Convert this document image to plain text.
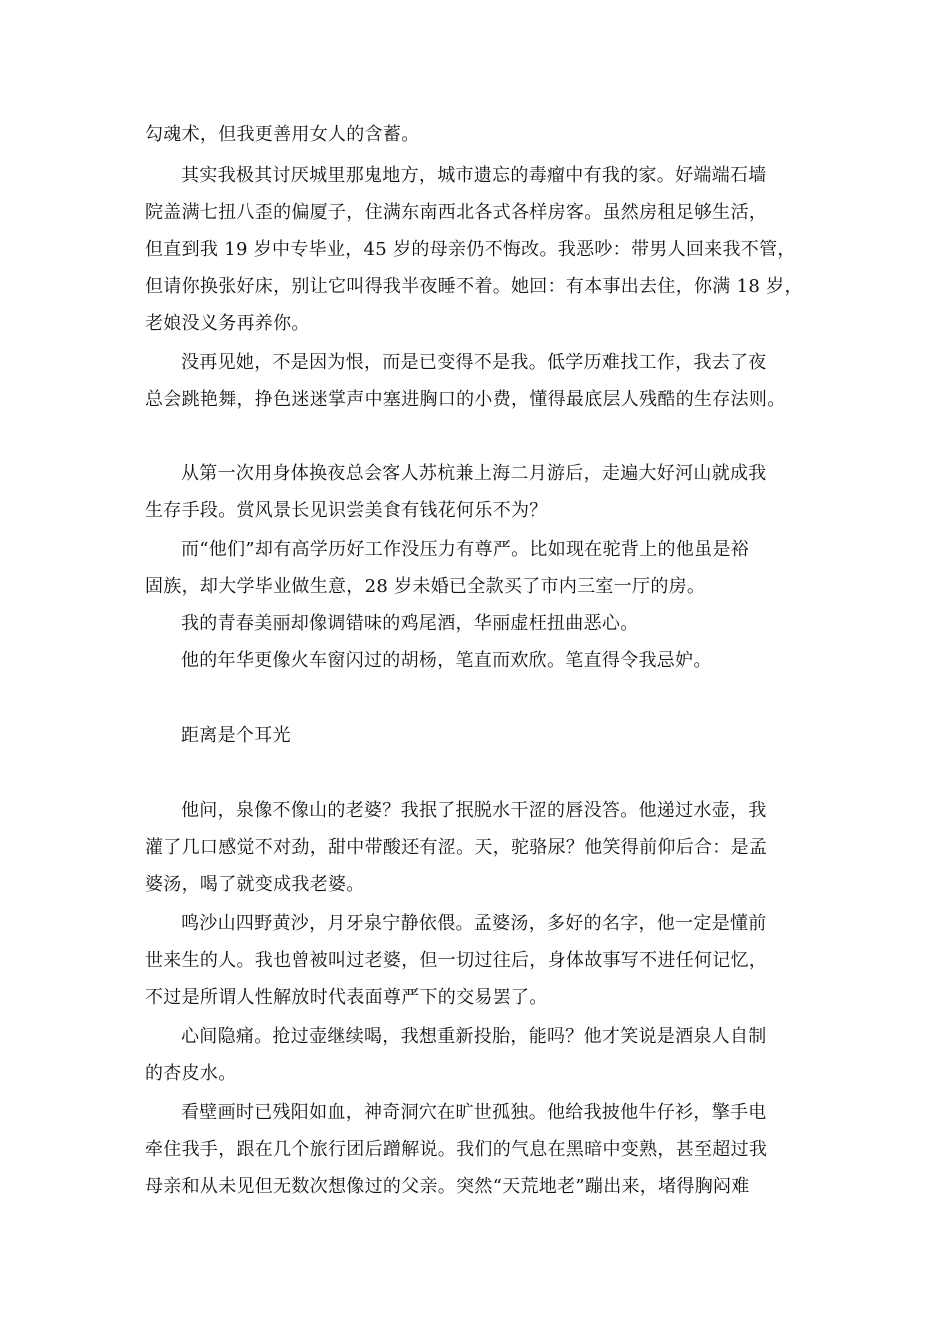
勾魂术，但我更善用女人的含蓄。
其实我极其讨厌城里那鬼地方，城市遗忘的毒瘤中有我的家。好端端石墙
院盖满七扭八歪的偏厦子，住满东南西北各式各样房客。虽然房租足够生活，
但直到我 19 岁中专毕业，45 岁的母亲仍不悔改。我恶吵：带男人回来我不管，
但请你换张好床，别让它叫得我半夜睡不着。她回：有本事出去住，你满 18 岁，
老娘没义务再养你。
没再见她，不是因为恨，而是已变得不是我。低学历难找工作，我去了夜
总会跳艳舞，挣色迷迷掌声中塞进胸口的小费，懂得最底层人残酷的生存法则。
从第一次用身体换夜总会客人苏杭兼上海二月游后，走遍大好河山就成我
生存手段。赏风景长见识尝美食有钱花何乐不为？
而“他们”却有高学历好工作没压力有尊严。比如现在驼背上的他虽是裕
固族，却大学毕业做生意，28 岁未婚已全款买了市内三室一厅的房。
我的青春美丽却像调错味的鸡尾酒，华丽虚枉扭曲恶心。
他的年华更像火车窗闪过的胡杨，笔直而欢欣。笔直得令我忌妒。
距离是个耳光
他问，泉像不像山的老婆？我抿了抿脱水干涩的唇没答。他递过水壶，我
灌了几口感觉不对劲，甜中带酸还有涩。天，驼骆尿？他笑得前仰后合：是孟
婆汤，喝了就变成我老婆。
鸣沙山四野黄沙，月牙泉宁静依偎。孟婆汤，多好的名字，他一定是懂前
世来生的人。我也曾被叫过老婆，但一切过往后，身体故事写不进任何记忆，
不过是所谓人性解放时代表面尊严下的交易罢了。
心间隐痛。抢过壶继续喝，我想重新投胎，能吗？他才笑说是酒泉人自制
的杏皮水。
看壁画时已残阳如血，神奇洞穴在旷世孤独。他给我披他牛仔衫，擎手电
牵住我手，跟在几个旅行团后蹭解说。我们的气息在黑暗中变熟，甚至超过我
母亲和从未见但无数次想像过的父亲。突然“天荒地老”蹦出来，堵得胸闷难
